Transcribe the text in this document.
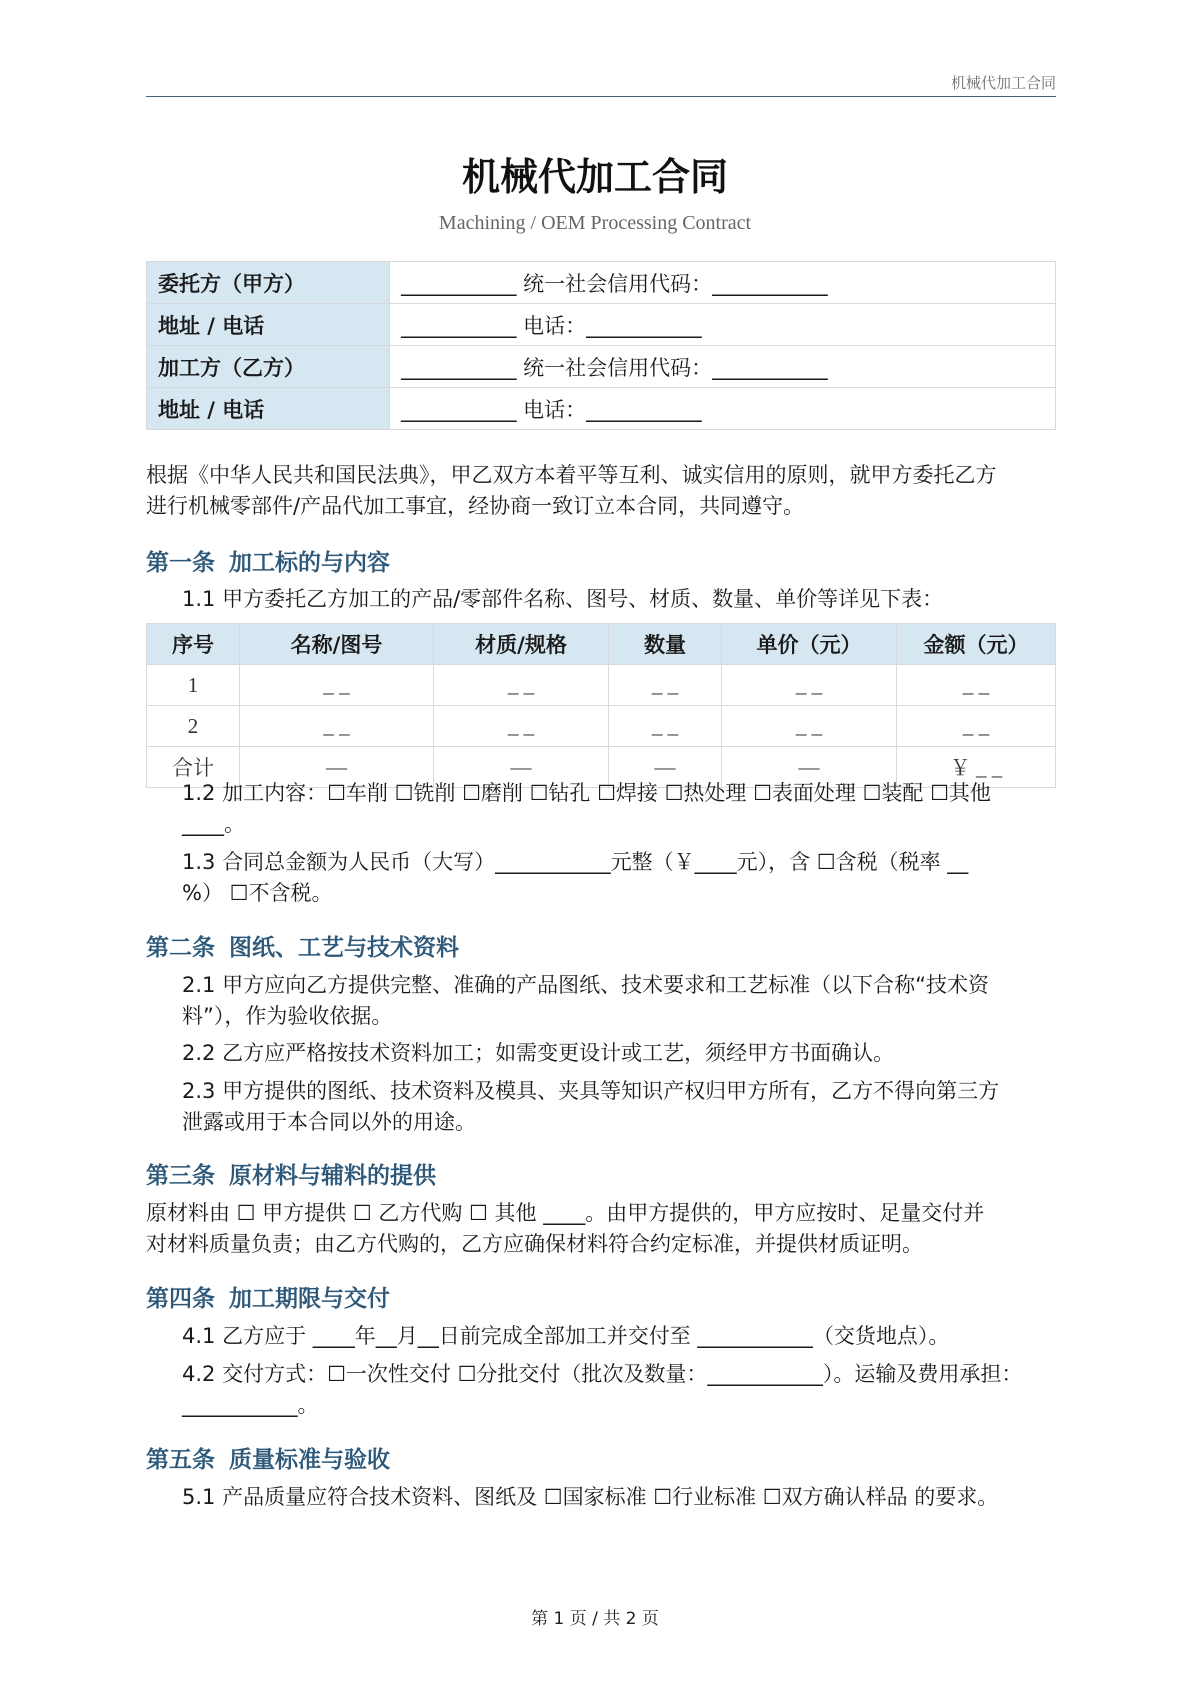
机械代加工合同
机械代加工合同
Machining / OEM Processing Contract
委托方（甲方）	___________ 统一社会信用代码：___________
地址 / 电话	___________ 电话：___________
加工方（乙方）	___________ 统一社会信用代码：___________
地址 / 电话	___________ 电话：___________
根据《中华人民共和国民法典》，甲乙双方本着平等互利、诚实信用的原则，就甲方委托乙方
进行机械零部件/产品代加工事宜，经协商一致订立本合同，共同遵守。
第一条 加工标的与内容
1.1 甲方委托乙方加工的产品/零部件名称、图号、材质、数量、单价等详见下表：
序号	名称/图号	材质/规格	数量	单价（元）	金额（元）
1	_ _	_ _	_ _	_ _	_ _
2	_ _	_ _	_ _	_ _	_ _
合计	—	—	—	—	￥ _ _
1.2 加工内容：☐车削 ☐铣削 ☐磨削 ☐钻孔 ☐焊接 ☐热处理 ☐表面处理 ☐装配 ☐其他
____。
1.3 合同总金额为人民币（大写）___________元整（￥____元），含 ☐含税（税率 __
%） ☐不含税。
第二条 图纸、工艺与技术资料
2.1 甲方应向乙方提供完整、准确的产品图纸、技术要求和工艺标准（以下合称“技术资
料”），作为验收依据。
2.2 乙方应严格按技术资料加工；如需变更设计或工艺，须经甲方书面确认。
2.3 甲方提供的图纸、技术资料及模具、夹具等知识产权归甲方所有，乙方不得向第三方
泄露或用于本合同以外的用途。
第三条 原材料与辅料的提供
原材料由 ☐ 甲方提供 ☐ 乙方代购 ☐ 其他 ____。由甲方提供的，甲方应按时、足量交付并
对材料质量负责；由乙方代购的，乙方应确保材料符合约定标准，并提供材质证明。
第四条 加工期限与交付
4.1 乙方应于 ____年__月__日前完成全部加工并交付至 ___________（交货地点）。
4.2 交付方式：☐一次性交付 ☐分批交付（批次及数量：___________）。运输及费用承担：
___________。
第五条 质量标准与验收
5.1 产品质量应符合技术资料、图纸及 ☐国家标准 ☐行业标准 ☐双方确认样品 的要求。
第 1 页 / 共 2 页
